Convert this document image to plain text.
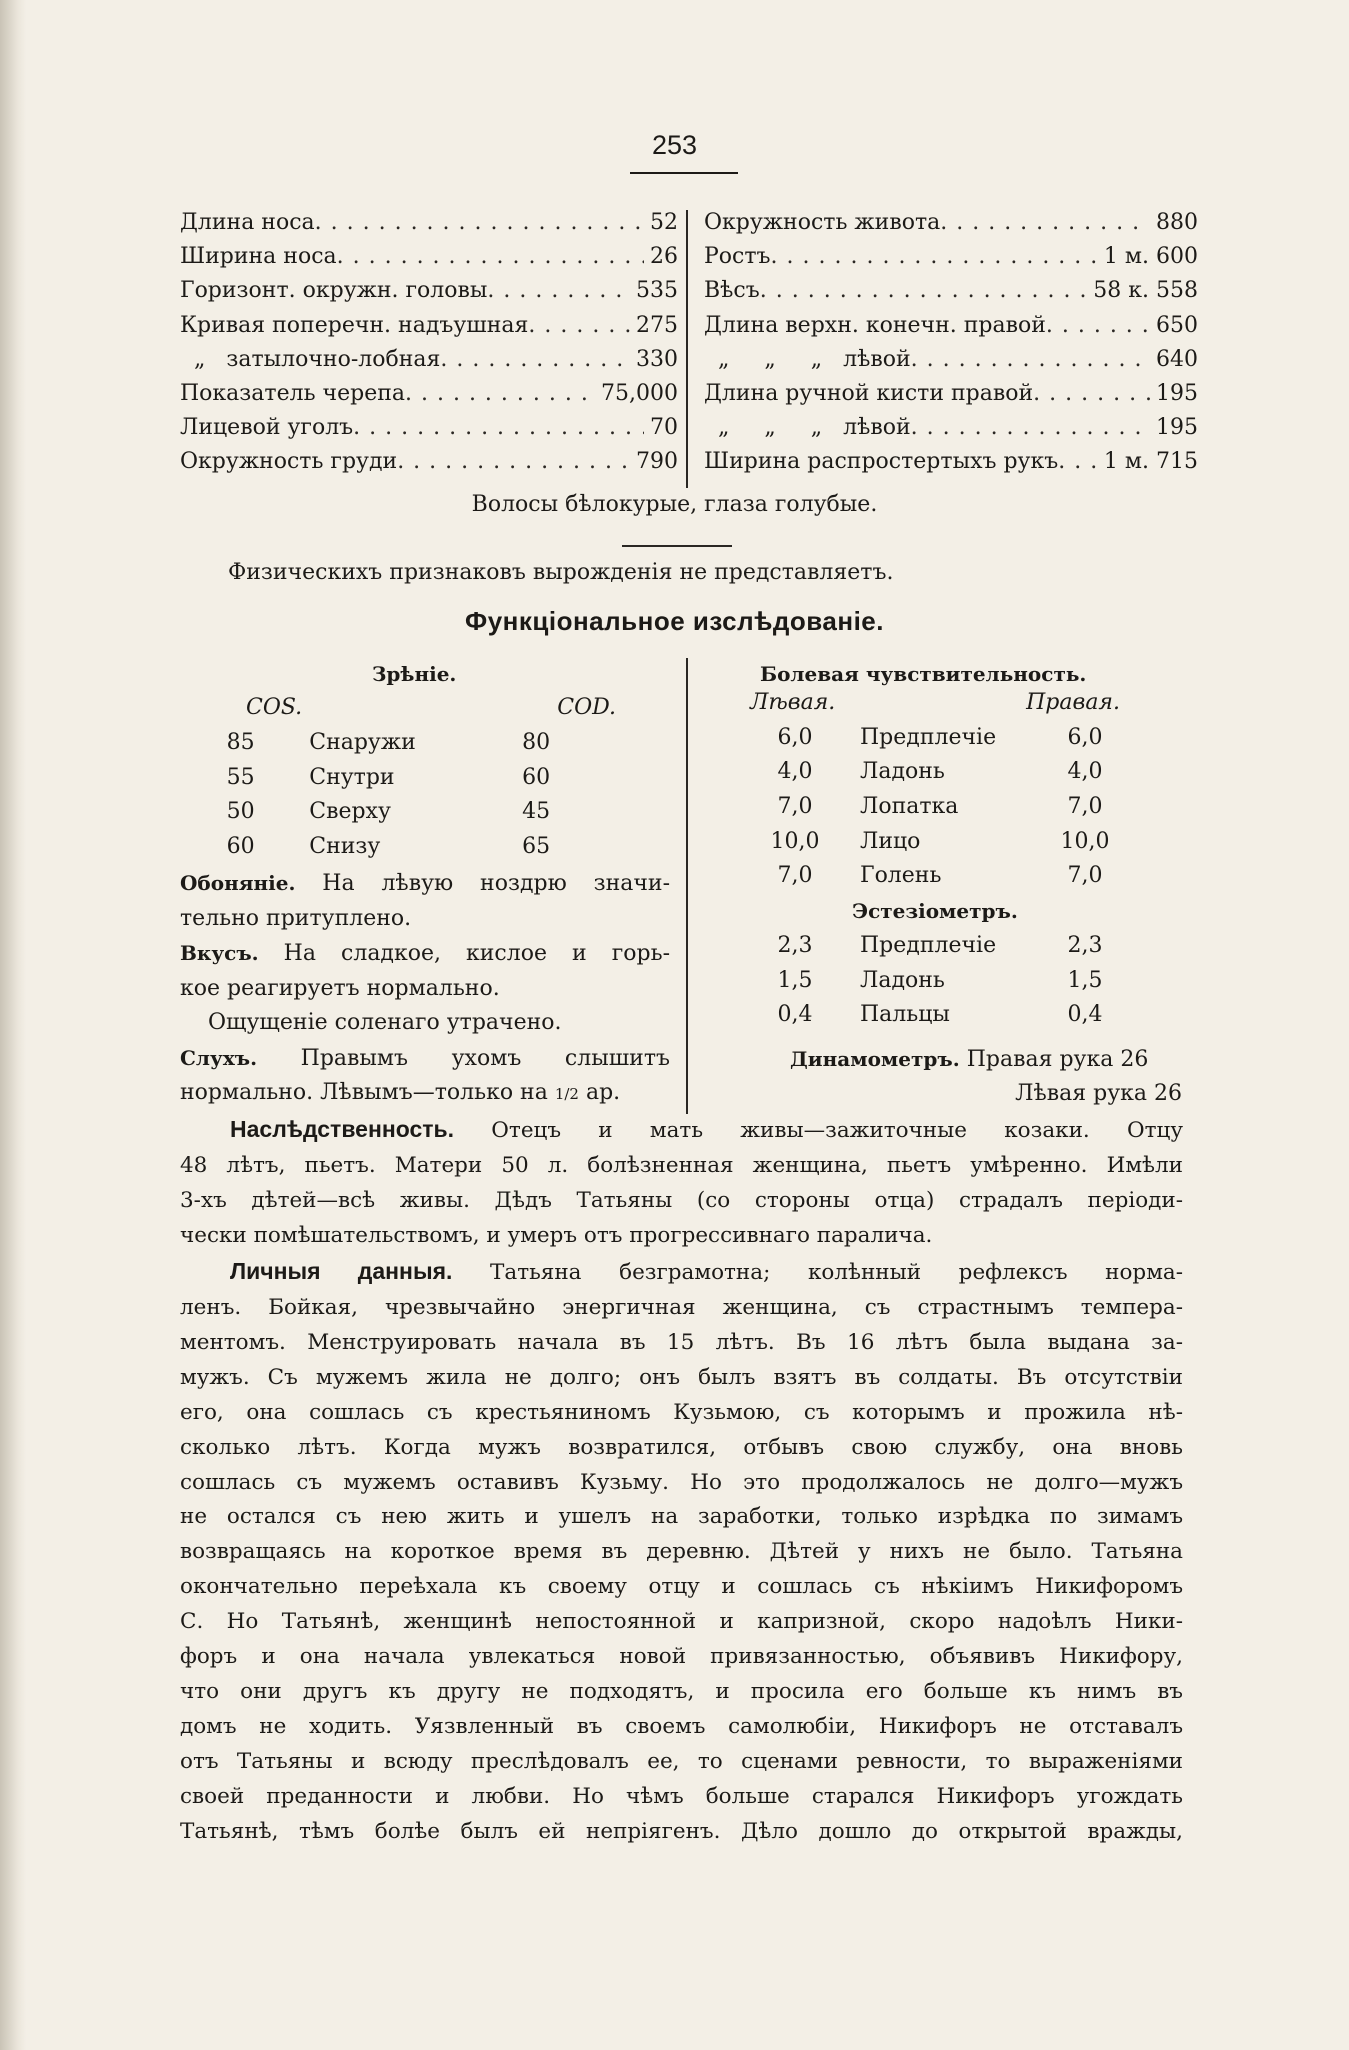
253
Длина носа . . .	52
Ширина носа . . .	26
Горизонт. окружн. головы . . .	535
Кривая поперечн. надъушная . . .	275
„   затылочно-лобная . . .	330
Показатель черепа . . .	75,000
Лицевой уголъ . . .	70
Окружность груди . . .	790
Окружность живота . . .	880
Ростъ . . .	1 м. 600
Вѣсъ . . .	58 к. 558
Длина верхн. конечн. правой . . .	650
„     „     „   лѣвой . . .	640
Длина ручной кисти правой . . .	195
„     „     „   лѣвой . . .	195
Ширина распростертыхъ рукъ . . . 1 м. 715
Волосы бѣлокурые, глаза голубые.
Физическихъ признаковъ вырожденія не представляетъ.
Функціональное изслѣдованіе.
Зрѣніе.
COS.	COD.
85	Снаружи	80
55	Снутри	60
50	Сверху	45
60	Снизу	65
Обоняніе. На лѣвую ноздрю значи-
тельно притуплено.
Вкусъ. На сладкое, кислое и горь-
кое реагируетъ нормально.
Ощущеніе соленаго утрачено.
Слухъ. Правымъ ухомъ слышитъ
нормально. Лѣвымъ—только на 1/2 ар.
Болевая чувствительность.
Лѣвая.	Правая.
6,0	Предплечіе	6,0
4,0	Ладонь	4,0
7,0	Лопатка	7,0
10,0	Лицо	10,0
7,0	Голень	7,0
Эстезіометръ.
2,3	Предплечіе	2,3
1,5	Ладонь	1,5
0,4	Пальцы	0,4
Динамометръ. Правая рука 26
Лѣвая рука 26
Наслѣдственность. Отецъ и мать живы—зажиточные козаки. Отцу
48 лѣтъ, пьетъ. Матери 50 л. болѣзненная женщина, пьетъ умѣренно. Имѣли
3-хъ дѣтей—всѣ живы. Дѣдъ Татьяны (со стороны отца) страдалъ періоди-
чески помѣшательствомъ, и умеръ отъ прогрессивнаго паралича.
Личныя данныя. Татьяна безграмотна; колѣнный рефлексъ норма-
ленъ. Бойкая, чрезвычайно энергичная женщина, съ страстнымъ темпера-
ментомъ. Менструировать начала въ 15 лѣтъ. Въ 16 лѣтъ была выдана за-
мужъ. Съ мужемъ жила не долго; онъ былъ взятъ въ солдаты. Въ отсутствіи
его, она сошлась съ крестьяниномъ Кузьмою, съ которымъ и прожила нѣ-
сколько лѣтъ. Когда мужъ возвратился, отбывъ свою службу, она вновь
сошлась съ мужемъ оставивъ Кузьму. Но это продолжалось не долго—мужъ
не остался съ нею жить и ушелъ на заработки, только изрѣдка по зимамъ
возвращаясь на короткое время въ деревню. Дѣтей у нихъ не было. Татьяна
окончательно переѣхала къ своему отцу и сошлась съ нѣкіимъ Никифоромъ
С. Но Татьянѣ, женщинѣ непостоянной и капризной, скоро надоѣлъ Ники-
форъ и она начала увлекаться новой привязанностью, объявивъ Никифору,
что они другъ къ другу не подходятъ, и просила его больше къ нимъ въ
домъ не ходить. Уязвленный въ своемъ самолюбіи, Никифоръ не отставалъ
отъ Татьяны и всюду преслѣдовалъ ее, то сценами ревности, то выраженіями
своей преданности и любви. Но чѣмъ больше старался Никифоръ угождать
Татьянѣ, тѣмъ болѣе былъ ей непріягенъ. Дѣло дошло до открытой вражды,
